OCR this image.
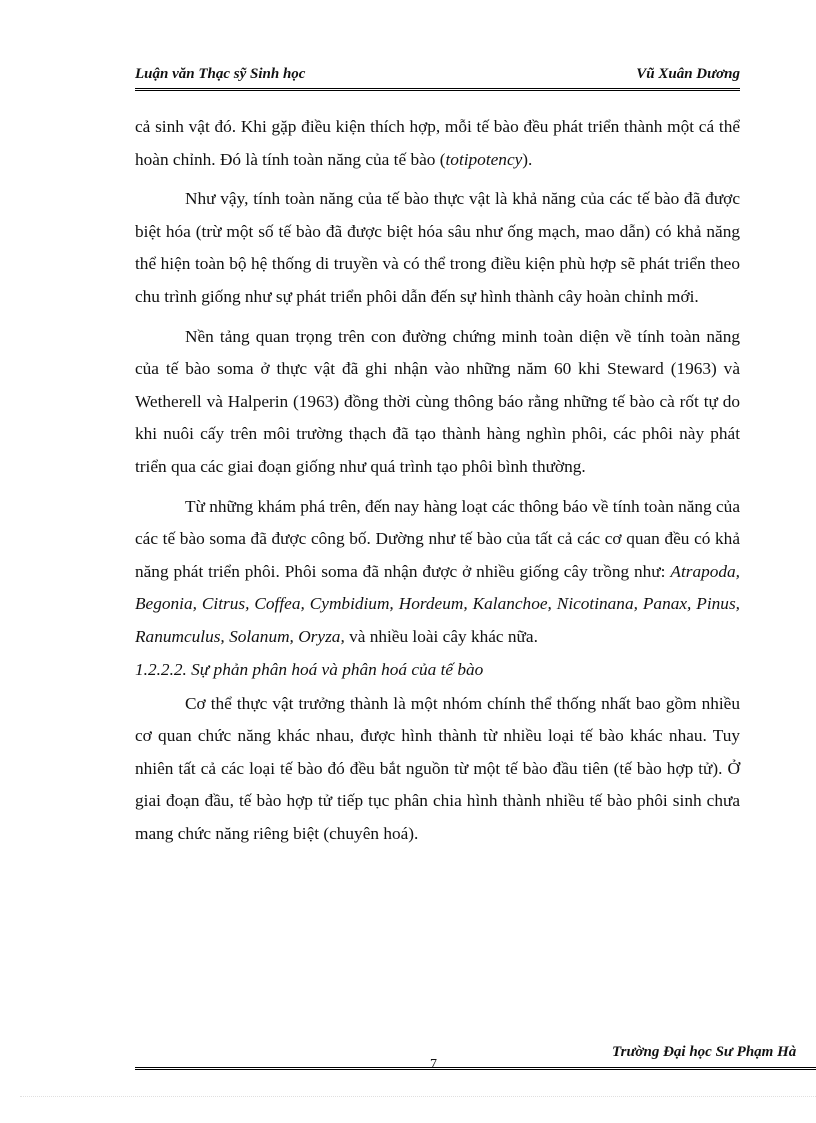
Luận văn Thạc sỹ Sinh học	Vũ Xuân Dương

cả sinh vật đó. Khi gặp điều kiện thích hợp, mỗi tế bào đều phát triển thành một cá thể hoàn chỉnh. Đó là tính toàn năng của tế bào (totipotency).

Như vậy, tính toàn năng của tế bào thực vật là khả năng của các tế bào đã được biệt hóa (trừ một số tế bào đã được biệt hóa sâu như ống mạch, mao dẫn) có khả năng thể hiện toàn bộ hệ thống di truyền và có thể trong điều kiện phù hợp sẽ phát triển theo chu trình giống như sự phát triển phôi dẫn đến sự hình thành cây hoàn chỉnh mới.

Nền tảng quan trọng trên con đường chứng minh toàn diện về tính toàn năng của tế bào soma ở thực vật đã ghi nhận vào những năm 60 khi Steward (1963) và Wetherell và Halperin (1963) đồng thời cùng thông báo rằng những tế bào cà rốt tự do khi nuôi cấy trên môi trường thạch đã tạo thành hàng nghìn phôi, các phôi này phát triển qua các giai đoạn giống như quá trình tạo phôi bình thường.

Từ những khám phá trên, đến nay hàng loạt các thông báo về tính toàn năng của các tế bào soma đã được công bố. Dường như tế bào của tất cả các cơ quan đều có khả năng phát triển phôi. Phôi soma đã nhận được ở nhiều giống cây trồng như: Atrapoda, Begonia, Citrus, Coffea, Cymbidium, Hordeum, Kalanchoe, Nicotinana, Panax, Pinus, Ranumculus, Solanum, Oryza, và nhiều loài cây khác nữa.

1.2.2.2. Sự phản phân hoá và phân hoá của tế bào

Cơ thể thực vật trưởng thành là một nhóm chính thể thống nhất bao gồm nhiều cơ quan chức năng khác nhau, được hình thành từ nhiều loại tế bào khác nhau. Tuy nhiên tất cả các loại tế bào đó đều bắt nguồn từ một tế bào đầu tiên (tế bào hợp tử). Ở giai đoạn đầu, tế bào hợp tử tiếp tục phân chia hình thành nhiều tế bào phôi sinh chưa mang chức năng riêng biệt (chuyên hoá).

Trường Đại học Sư Phạm Hà
7
